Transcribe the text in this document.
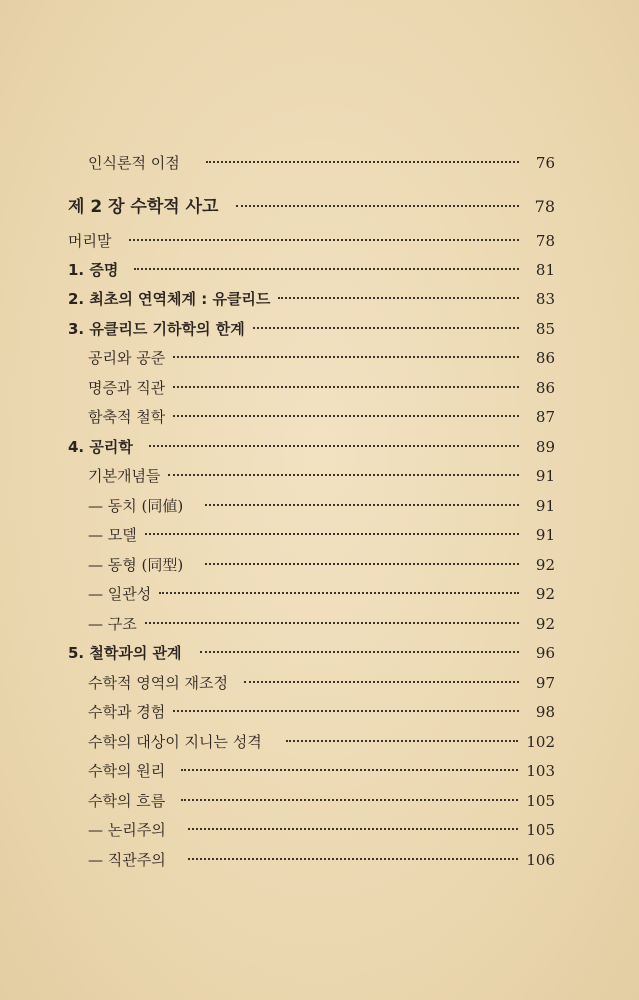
인식론적 이점	76
제 2 장 수학적 사고	78
머리말	78
1. 증명	81
2. 최초의 연역체계 : 유클리드	83
3. 유클리드 기하학의 한계	85
공리와 공준	86
명증과 직관	86
함축적 철학	87
4. 공리학	89
기본개념들	91
— 동치 (同値)	91
— 모델	91
— 동형 (同型)	92
— 일관성	92
— 구조	92
5. 철학과의 관계	96
수학적 영역의 재조정	97
수학과 경험	98
수학의 대상이 지니는 성격	102
수학의 원리	103
수학의 흐름	105
— 논리주의	105
— 직관주의	106
